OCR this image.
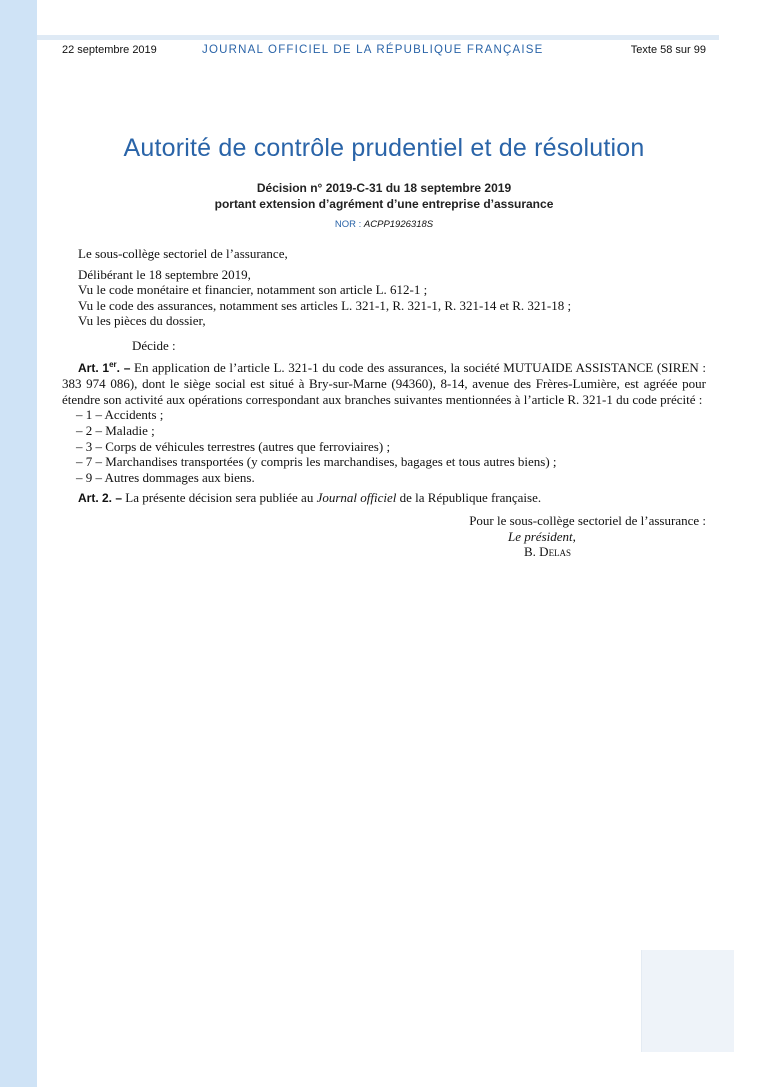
22 septembre 2019	JOURNAL OFFICIEL DE LA RÉPUBLIQUE FRANÇAISE	Texte 58 sur 99
Autorité de contrôle prudentiel et de résolution
Décision n° 2019-C-31 du 18 septembre 2019
portant extension d’agrément d’une entreprise d’assurance
NOR : ACPP1926318S

Le sous-collège sectoriel de l’assurance,

Délibérant le 18 septembre 2019,

Vu le code monétaire et financier, notamment son article L. 612-1 ;

Vu le code des assurances, notamment ses articles L. 321-1, R. 321-1, R. 321-14 et R. 321-18 ;

Vu les pièces du dossier,

Décide :

Art. 1er. – En application de l’article L. 321-1 du code des assurances, la société MUTUAIDE ASSISTANCE (SIREN : 383 974 086), dont le siège social est situé à Bry-sur-Marne (94360), 8-14, avenue des Frères-Lumière, est agréée pour étendre son activité aux opérations correspondant aux branches suivantes mentionnées à l’article R. 321-1 du code précité :

– 1 – Accidents ;

– 2 – Maladie ;

– 3 – Corps de véhicules terrestres (autres que ferroviaires) ;

– 7 – Marchandises transportées (y compris les marchandises, bagages et tous autres biens) ;

– 9 – Autres dommages aux biens.

Art. 2. – La présente décision sera publiée au Journal officiel de la République française.

Pour le sous-collège sectoriel de l’assurance :

Le président,

B. Delas
